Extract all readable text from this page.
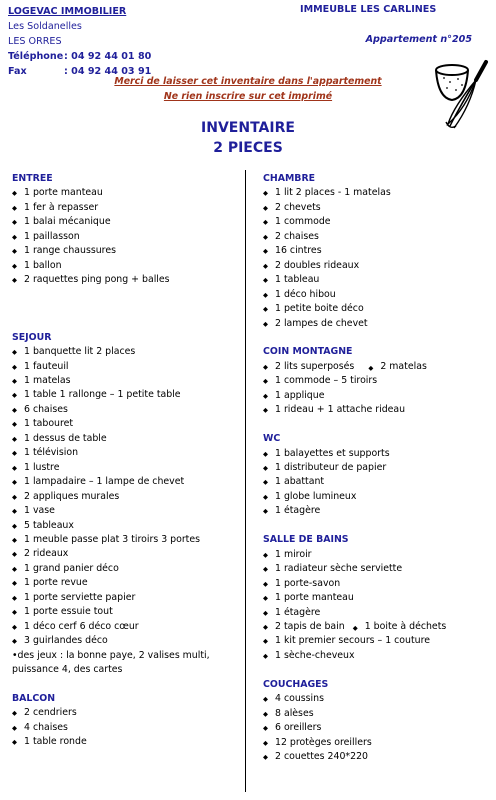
LOGEVAC IMMOBILIER
Les Soldanelles
LES ORRES
Téléphone: 04 92 44 01 80
Fax	: 04 92 44 03 91
IMMEUBLE LES CARLINES
Appartement n°205
Merci de laisser cet inventaire dans l'appartement
Ne rien inscrire sur cet imprimé
INVENTAIRE
2 PIECES
ENTREE
◆ 1 porte manteau
◆ 1 fer à repasser
◆ 1 balai mécanique
◆ 1 paillasson
◆ 1 range chaussures
◆ 1 ballon
◆ 2 raquettes ping pong + balles
SEJOUR
◆ 1 banquette lit 2 places
◆ 1 fauteuil
◆ 1 matelas
◆ 1 table 1 rallonge – 1 petite table
◆ 6 chaises
◆ 1 tabouret
◆ 1 dessus de table
◆ 1 télévision
◆ 1 lustre
◆ 1 lampadaire – 1 lampe de chevet
◆ 2 appliques murales
◆ 1 vase
◆ 5 tableaux
◆ 1 meuble passe plat 3 tiroirs 3 portes
◆ 2 rideaux
◆ 1 grand panier déco
◆ 1 porte revue
◆ 1 porte serviette papier
◆ 1 porte essuie tout
◆ 1 déco cerf 6 déco cœur
◆ 3 guirlandes déco
•des jeux : la bonne paye, 2 valises multi, puissance 4, des cartes
BALCON
◆ 2 cendriers
◆ 4 chaises
◆ 1 table ronde
CHAMBRE
◆ 1 lit 2 places - 1 matelas
◆ 2 chevets
◆ 1 commode
◆ 2 chaises
◆ 16 cintres
◆ 2 doubles rideaux
◆ 1 tableau
◆ 1 déco hibou
◆ 1 petite boite déco
◆ 2 lampes de chevet
COIN MONTAGNE
◆ 2 lits superposés	◆ 2 matelas
◆ 1 commode – 5 tiroirs
◆ 1 applique
◆ 1 rideau + 1 attache rideau
WC
◆ 1 balayettes et supports
◆ 1 distributeur de papier
◆ 1 abattant
◆ 1 globe lumineux
◆ 1 étagère
SALLE DE BAINS
◆ 1 miroir
◆ 1 radiateur sèche serviette
◆ 1 porte-savon
◆ 1 porte manteau
◆ 1 étagère
◆ 2 tapis de bain ◆ 1 boite à déchets
◆ 1 kit premier secours – 1 couture
◆ 1 sèche-cheveux
COUCHAGES
◆ 4 coussins
◆ 8 alèses
◆ 6 oreillers
◆ 12 protèges oreillers
◆ 2 couettes 240*220
